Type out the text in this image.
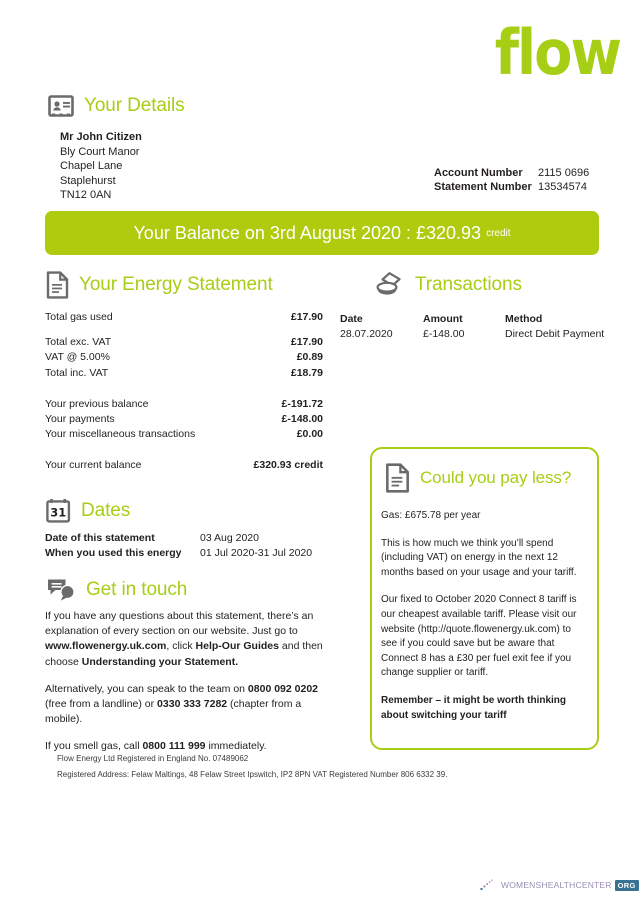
flow
Your Details
Mr John Citizen
Bly Court Manor
Chapel Lane
Staplehurst
TN12 0AN
Account Number	2115 0696
Statement Number 13534574
Your Balance on 3rd August 2020 : £320.93 credit
Your Energy Statement
Total gas used	£17.90
Total exc. VAT	£17.90
VAT @ 5.00%	£0.89
Total inc. VAT	£18.79
Your previous balance	£-191.72
Your payments	£-148.00
Your miscellaneous transactions	£0.00
Your current balance	£320.93 credit
Transactions
Date	Amount	Method
28.07.2020	£-148.00	Direct Debit Payment
31 Dates
Date of this statement	03 Aug 2020
When you used this energy	01 Jul 2020-31 Jul 2020
Get in touch

If you have any questions about this statement, there’s an explanation of every section on our website. Just go to www.flowenergy.uk.com, click Help-Our Guides and then choose Understanding your Statement.

Alternatively, you can speak to the team on 0800 092 0202 (free from a landline) or 0330 333 7282 (chapter from a mobile).

If you smell gas, call 0800 111 999 immediately.

Could you pay less?

Gas: £675.78 per year

This is how much we think you’ll spend (including VAT) on energy in the next 12 months based on your usage and your tariff.

Our fixed to October 2020 Connect 8 tariff is our cheapest available tariff. Please visit our website (http://quote.flowenergy.uk.com) to see if you could save but be aware that Connect 8 has a £30 per fuel exit fee if you change supplier or tariff.

Remember – it might be worth thinking about switching your tariff

Flow Energy Ltd Registered in England No. 07489062
Registered Address: Felaw Maltings, 48 Felaw Street Ipswitch, IP2 8PN VAT Registered Number 806 6332 39.
WOMENSHEALTHCENTER ORG
